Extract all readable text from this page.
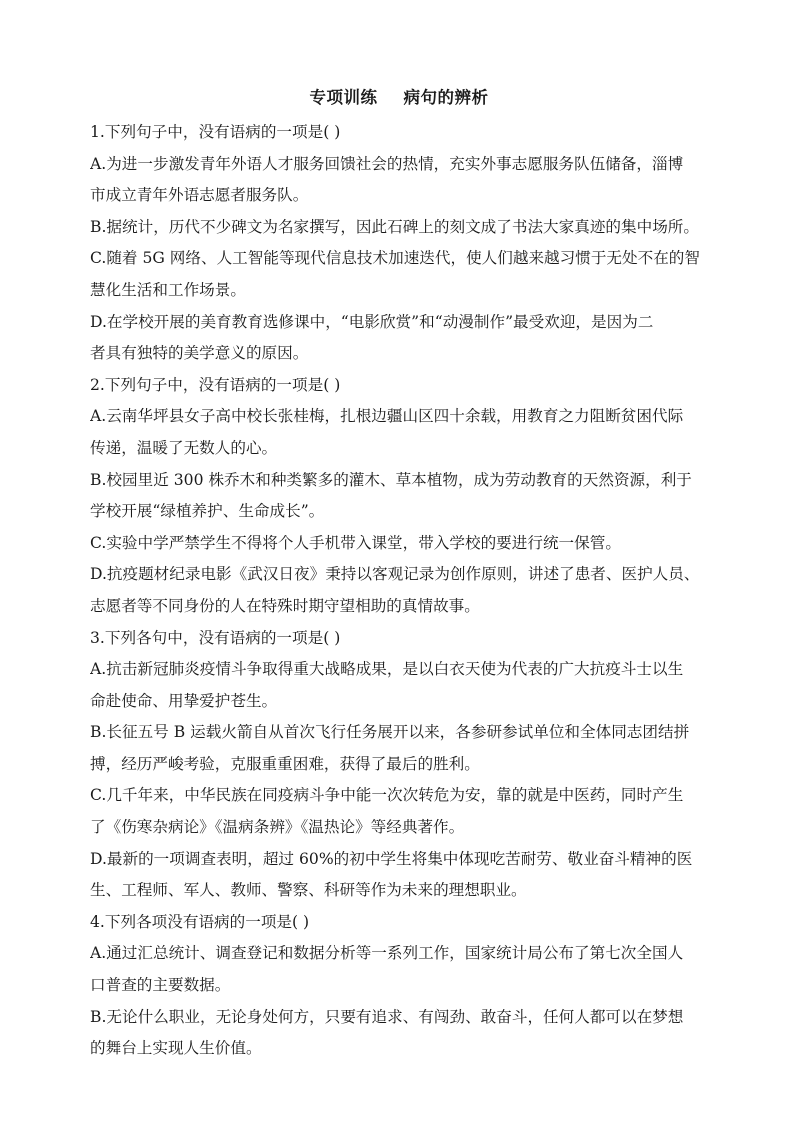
专项训练 病句的辨析
1.下列句子中，没有语病的一项是( )
A.为进一步激发青年外语人才服务回馈社会的热情，充实外事志愿服务队伍储备，淄博
市成立青年外语志愿者服务队。
B.据统计，历代不少碑文为名家撰写，因此石碑上的刻文成了书法大家真迹的集中场所。
C.随着 5G 网络、人工智能等现代信息技术加速迭代，使人们越来越习惯于无处不在的智
慧化生活和工作场景。
D.在学校开展的美育教育选修课中，“电影欣赏”和“动漫制作”最受欢迎，是因为二
者具有独特的美学意义的原因。
2.下列句子中，没有语病的一项是( )
A.云南华坪县女子高中校长张桂梅，扎根边疆山区四十余载，用教育之力阻断贫困代际
传递，温暖了无数人的心。
B.校园里近 300 株乔木和种类繁多的灌木、草本植物，成为劳动教育的天然资源，利于
学校开展“绿植养护、生命成长”。
C.实验中学严禁学生不得将个人手机带入课堂，带入学校的要进行统一保管。
D.抗疫题材纪录电影《武汉日夜》秉持以客观记录为创作原则，讲述了患者、医护人员、
志愿者等不同身份的人在特殊时期守望相助的真情故事。
3.下列各句中，没有语病的一项是( )
A.抗击新冠肺炎疫情斗争取得重大战略成果，是以白衣天使为代表的广大抗疫斗士以生
命赴使命、用挚爱护苍生。
B.长征五号 B 运载火箭自从首次飞行任务展开以来，各参研参试单位和全体同志团结拼
搏，经历严峻考验，克服重重困难，获得了最后的胜利。
C.几千年来，中华民族在同疫病斗争中能一次次转危为安，靠的就是中医药，同时产生
了《伤寒杂病论》《温病条辨》《温热论》等经典著作。
D.最新的一项调查表明，超过 60%的初中学生将集中体现吃苦耐劳、敬业奋斗精神的医
生、工程师、军人、教师、警察、科研等作为未来的理想职业。
4.下列各项没有语病的一项是( )
A.通过汇总统计、调查登记和数据分析等一系列工作，国家统计局公布了第七次全国人
口普查的主要数据。
B.无论什么职业，无论身处何方，只要有追求、有闯劲、敢奋斗，任何人都可以在梦想
的舞台上实现人生价值。
